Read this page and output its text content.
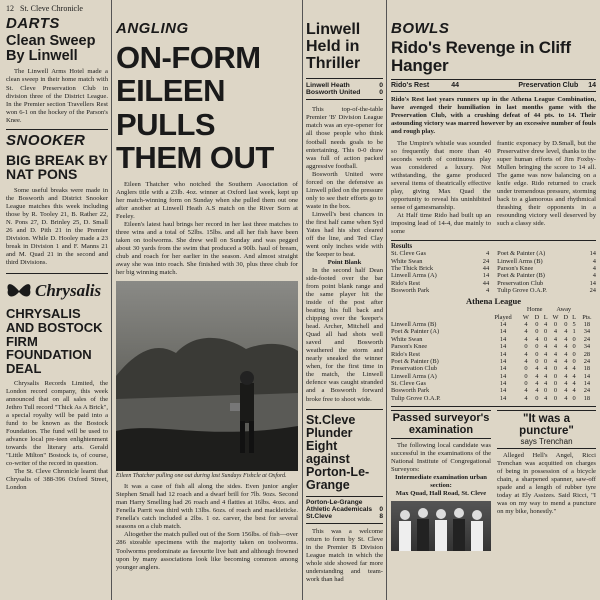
12 St. Cleve Chronicle
DARTS
Clean Sweep By Linwell
The Linwell Arms Hotel made a clean sweep in their home match with St. Cleve Preservation Club in division three of the District League. In the Premier section Travellers Rest won 6-1 on the hockey of the Parson's Knee.
SNOOKER
BIG BREAK BY NAT PONS
Some useful breaks were made in the Bosworth and District Snooker League matches this week including those by R. Tooley 21, B. Rather 22, N. Pons 27, D. Brinley 25, D. Small 26 and D. Pith 21 in the Premier Division. While D. Hooley made a 23 break in Division 1 and F. Manns 21 and M. Quad 21 in the second and third Divisions.
Chrysalis
CHRYSALIS AND BOSTOCK FIRM FOUNDATION DEAL
Chrysalis Records Limited, the London record company, this week announced that on all sales of the Jethro Tull record "Thick As A Brick", a special royalty will be paid into a fund to be known as the Bostock Foundation. The fund will be used to advance local pre-teen enlightenment towards the literary arts. Gerald "Little Milton" Bostock is, of course, co-writer of the record in question.
The St. Cleve Chronicle learnt that Chrysalis of 388-396 Oxford Street, London
ANGLING
ON-FORM EILEEN PULLS THEM OUT
Eileen Thatcher who notched the Southern Association of Anglers title with a 23lb. 4oz. winner at Oxford last week, kept up her match-winning form on Sunday when she pulled them out one after another at Linwell Heath A.S match on the River Sorn at Feeley.
Eileen's latest haul brings her record in her last three matches to three wins and a total of 52lbs. 15lbs. and all her fish have been taken on toolworms. She drew well on Sunday and was pegged about 30 yards from the swim that produced a 90lb. haul of bream, chub and roach for her earlier in the season. And almost straight away she was into roach. She finished with 30, plus three chub for her big winning match.
Eileen Thatcher pulling one out during last Sundays Fishcle at Oxford.
It was a case of fish all along the sides. Even junior angler Stephen Small had 12 roach and a dwarf brill for 7lb. 9ozs. Second man Harry Smelling had 26 roach and 4 flatties at 16lbs. 4ozs. and Fenella Parrit was third with 13lbs. 6ozs. of roach and mackleticke. Fenella's catch included a 2lbs. 1 oz. carver, the best for several seasons on a club match.
Altogether the match pulled out of the Sorn 156lbs. of fish—over 286 sizeable specimens with the majority taken on toolworms. Toolworms predominate as favourite live bait and although frowned upon by many associations look like becoming common among younger anglers.
Linwell Held in Thriller
Linwell Heath	0
Bosworth United	0
This top-of-the-table Premier 'B' Division League match was an eye-opener for all those people who think football needs goals to be entertaining. This 0-0 draw was full of action packed aggressive football.
Bosworth United were forced on the defensive as Linwell piled on the pressure only to see their efforts go to waste in the box.
Linwell's best chances in the first half came when Syd Yates had his shot cleared off the line, and Ted Clay went only inches wide with the 'keeper to beat.
Point Blank
In the second half Dean side-footed over the bar from point blank range and the same player hit the inside of the post after beating his full back and chipping over the 'keeper's head. Archer, Mitchell and Quad all had shots well saved and Bosworth weathered the storm and nearly sneaked the winner when, for the first time in the match, the Linwell defence was caught stranded and a Bosworth forward broke free to shoot wide.
St.Cleve Plunder Eight against Porton-Le-Grange
Porton-Le-Grange
Athletic Academicals 0
St.Cleve	8
This was a welcome return to form by St. Cleve in the Premier B Division League match in which the whole side showed far more understanding and team-work than had
BOWLS
Rido's Revenge in Cliff Hanger
Rido's Rest	44	Preservation Club 14
Rido's Rest last years runners up in the Athena League Combination, have avenged their humiliation in last months game with the Preservation Club, with a crushing defeat of 44 pts. to 14. Their astounding victory was marred however by an excessive number of fouls and rough play.
The Umpire's whistle was sounded so frequently that more than 40 seconds worth of continuous play was considered a luxury. Not withstanding, the game produced several items of theatrically effective play, giving Max Quad the opportunity to reveal his uninhibited sense of gamesmanship.
At Half time Rido had built up an imposing lead of 14-4, due mainly to some
frantic exponacy by D.Small, but the Preservative drew level, thanks to the super human efforts of Jim Foxby-Mullen bringing the score to 14 all. The game was now balancing on a knife edge. Rido returned to crack under tremendous pressure, storming back to a glamorous and rhythmical thrashing their opponents in a resounding victory well deserved by such a classy side.
Results
St. Cleve Gas	4	Poet & Painter (A)	14
White Swan	24	Linwell Arms (B)	4
The Thick Brick	44	Parson's Knee	4
Linwell Arms (A)	14	Poet & Painter (B)	4
Rido's Rest	44	Preservation Club	14
Bosworth Park	4	Tulip Grove O.A.P.	24
Athena League
		Home			Away			
	Played	W	D	L	W	D	L	Pts.
Linwell Arms (B)	14	4	0	4	0	0	5	18
Poet & Painter (A)	14	4	0	0	4	4	1	34
White Swan	14	4	4	0	4	4	0	24
Parson's Knee	14	0	0	4	4	4	0	34
Rido's Rest	14	4	0	4	4	4	0	28
Poet & Painter (B)	14	4	0	0	4	4	0	24
Preservation Club	14	0	4	4	0	4	4	18
Linwell Arms (A)	14	0	4	4	0	4	4	14
St. Cleve Gas	14	0	4	4	0	4	4	14
Bosworth Park	14	4	4	0	0	4	4	24
Tulip Grove O.A.P.	14	4	0	4	0	4	0	18
Passed surveyor's examination
The following local candidate was successful in the examinations of the National Institute of Congregational Surveyors:
Intermediate examination urban section:
Max Quad, Hall Road, St. Cleve
"It was a puncture"
says Trenchan
Alleged Hell's Angel, Ricci Trenchan was acquitted on charges of being in possession of a bicycle chain, a sharpened spanner, saw-off spade and a length of rubber tyre today at Ely Assizes. Said Ricci, "I was on my way to mend a puncture on my bike, honestly."
